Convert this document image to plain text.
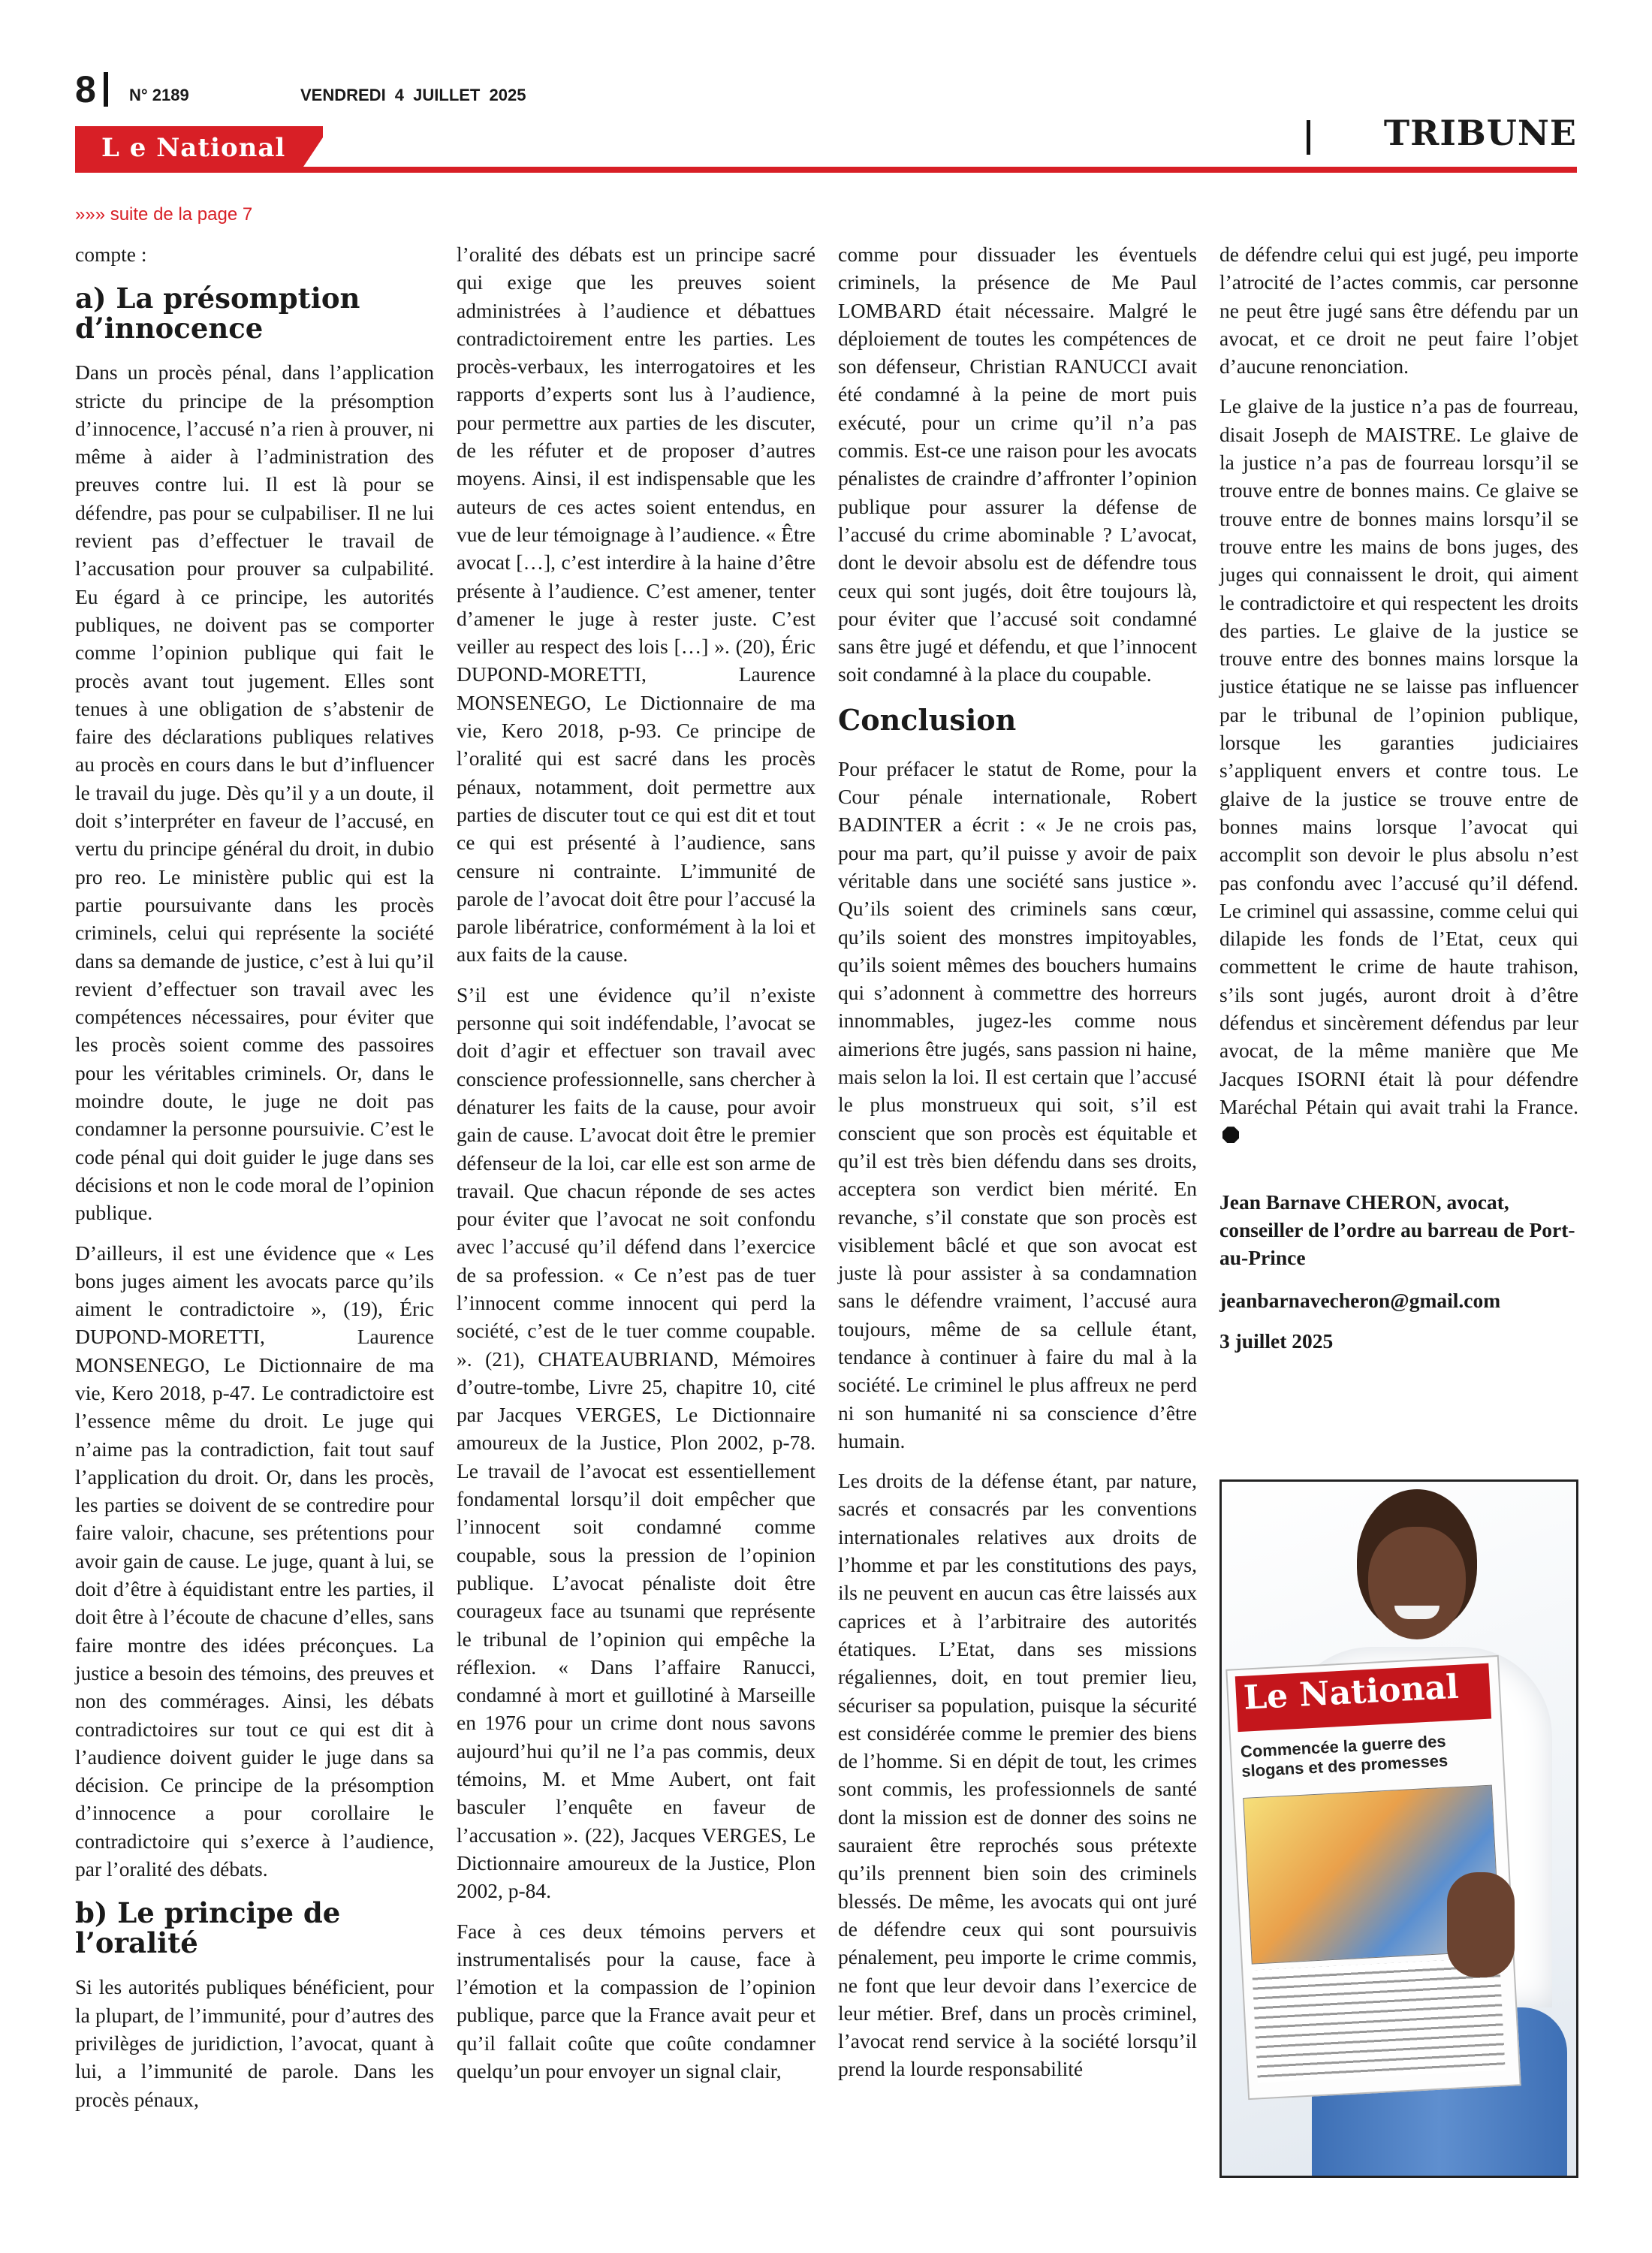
8 N° 2189	VENDREDI 4 JUILLET 2025
TRIBUNE
L e National
»»» suite de la page 7

compte :

a) La présomption d’innocence

Dans un procès pénal, dans l’application stricte du principe de la présomption d’innocence, l’accusé n’a rien à prouver, ni même à aider à l’administration des preuves contre lui. Il est là pour se défendre, pas pour se culpabiliser. Il ne lui revient pas d’effectuer le travail de l’accusation pour prouver sa culpabilité. Eu égard à ce principe, les autorités publiques, ne doivent pas se comporter comme l’opinion publique qui fait le procès avant tout jugement. Elles sont tenues à une obligation de s’abstenir de faire des déclarations publiques relatives au procès en cours dans le but d’influencer le travail du juge. Dès qu’il y a un doute, il doit s’interpréter en faveur de l’accusé, en vertu du principe général du droit, in dubio pro reo. Le ministère public qui est la partie poursuivante dans les procès criminels, celui qui représente la société dans sa demande de justice, c’est à lui qu’il revient d’effectuer son travail avec les compétences nécessaires, pour éviter que les procès soient comme des passoires pour les véritables criminels. Or, dans le moindre doute, le juge ne doit pas condamner la personne poursuivie. C’est le code pénal qui doit guider le juge dans ses décisions et non le code moral de l’opinion publique.

D’ailleurs, il est une évidence que « Les bons juges aiment les avocats parce qu’ils aiment le contradictoire », (19), Éric DUPOND-MORETTI, Laurence MONSENEGO, Le Dictionnaire de ma vie, Kero 2018, p-47. Le contradictoire est l’essence même du droit. Le juge qui n’aime pas la contradiction, fait tout sauf l’application du droit. Or, dans les procès, les parties se doivent de se contredire pour faire valoir, chacune, ses prétentions pour avoir gain de cause. Le juge, quant à lui, se doit d’être à équidistant entre les parties, il doit être à l’écoute de chacune d’elles, sans faire montre des idées préconçues. La justice a besoin des témoins, des preuves et non des commérages. Ainsi, les débats contradictoires sur tout ce qui est dit à l’audience doivent guider le juge dans sa décision. Ce principe de la présomption d’innocence a pour corollaire le contradictoire qui s’exerce à l’audience, par l’oralité des débats.

b) Le principe de l’oralité

Si les autorités publiques bénéficient, pour la plupart, de l’immunité, pour d’autres des privilèges de juridiction, l’avocat, quant à lui, a l’immunité de parole. Dans les procès pénaux,

l’oralité des débats est un principe sacré qui exige que les preuves soient administrées à l’audience et débattues contradictoirement entre les parties. Les procès-verbaux, les interrogatoires et les rapports d’experts sont lus à l’audience, pour permettre aux parties de les discuter, de les réfuter et de proposer d’autres moyens. Ainsi, il est indispensable que les auteurs de ces actes soient entendus, en vue de leur témoignage à l’audience. « Être avocat […], c’est interdire à la haine d’être présente à l’audience. C’est amener, tenter d’amener le juge à rester juste. C’est veiller au respect des lois […] ». (20), Éric DUPOND-MORETTI, Laurence MONSENEGO, Le Dictionnaire de ma vie, Kero 2018, p-93. Ce principe de l’oralité qui est sacré dans les procès pénaux, notamment, doit permettre aux parties de discuter tout ce qui est dit et tout ce qui est présenté à l’audience, sans censure ni contrainte. L’immunité de parole de l’avocat doit être pour l’accusé la parole libératrice, conformément à la loi et aux faits de la cause.

S’il est une évidence qu’il n’existe personne qui soit indéfendable, l’avocat se doit d’agir et effectuer son travail avec conscience professionnelle, sans chercher à dénaturer les faits de la cause, pour avoir gain de cause. L’avocat doit être le premier défenseur de la loi, car elle est son arme de travail. Que chacun réponde de ses actes pour éviter que l’avocat ne soit confondu avec l’accusé qu’il défend dans l’exercice de sa profession. « Ce n’est pas de tuer l’innocent comme innocent qui perd la société, c’est de le tuer comme coupable. ». (21), CHATEAUBRIAND, Mémoires d’outre-tombe, Livre 25, chapitre 10, cité par Jacques VERGES, Le Dictionnaire amoureux de la Justice, Plon 2002, p-78. Le travail de l’avocat est essentiellement fondamental lorsqu’il doit empêcher que l’innocent soit condamné comme coupable, sous la pression de l’opinion publique. L’avocat pénaliste doit être courageux face au tsunami que représente le tribunal de l’opinion qui empêche la réflexion. « Dans l’affaire Ranucci, condamné à mort et guillotiné à Marseille en 1976 pour un crime dont nous savons aujourd’hui qu’il ne l’a pas commis, deux témoins, M. et Mme Aubert, ont fait basculer l’enquête en faveur de l’accusation ». (22), Jacques VERGES, Le Dictionnaire amoureux de la Justice, Plon 2002, p-84.

Face à ces deux témoins pervers et instrumentalisés pour la cause, face à l’émotion et la compassion de l’opinion publique, parce que la France avait peur et qu’il fallait coûte que coûte condamner quelqu’un pour envoyer un signal clair,

comme pour dissuader les éventuels criminels, la présence de Me Paul LOMBARD était nécessaire. Malgré le déploiement de toutes les compétences de son défenseur, Christian RANUCCI avait été condamné à la peine de mort puis exécuté, pour un crime qu’il n’a pas commis. Est-ce une raison pour les avocats pénalistes de craindre d’affronter l’opinion publique pour assurer la défense de l’accusé du crime abominable ? L’avocat, dont le devoir absolu est de défendre tous ceux qui sont jugés, doit être toujours là, pour éviter que l’accusé soit condamné sans être jugé et défendu, et que l’innocent soit condamné à la place du coupable.

Conclusion

Pour préfacer le statut de Rome, pour la Cour pénale internationale, Robert BADINTER a écrit : « Je ne crois pas, pour ma part, qu’il puisse y avoir de paix véritable dans une société sans justice ». Qu’ils soient des criminels sans cœur, qu’ils soient des monstres impitoyables, qu’ils soient mêmes des bouchers humains qui s’adonnent à commettre des horreurs innommables, jugez-les comme nous aimerions être jugés, sans passion ni haine, mais selon la loi. Il est certain que l’accusé le plus monstrueux qui soit, s’il est conscient que son procès est équitable et qu’il est très bien défendu dans ses droits, acceptera son verdict bien mérité. En revanche, s’il constate que son procès est visiblement bâclé et que son avocat est juste là pour assister à sa condamnation sans le défendre vraiment, l’accusé aura toujours, même de sa cellule étant, tendance à continuer à faire du mal à la société. Le criminel le plus affreux ne perd ni son humanité ni sa conscience d’être humain.

Les droits de la défense étant, par nature, sacrés et consacrés par les conventions internationales relatives aux droits de l’homme et par les constitutions des pays, ils ne peuvent en aucun cas être laissés aux caprices et à l’arbitraire des autorités étatiques. L’Etat, dans ses missions régaliennes, doit, en tout premier lieu, sécuriser sa population, puisque la sécurité est considérée comme le premier des biens de l’homme. Si en dépit de tout, les crimes sont commis, les professionnels de santé dont la mission est de donner des soins ne sauraient être reprochés sous prétexte qu’ils prennent bien soin des criminels blessés. De même, les avocats qui ont juré de défendre ceux qui sont poursuivis pénalement, peu importe le crime commis, ne font que leur devoir dans l’exercice de leur métier. Bref, dans un procès criminel, l’avocat rend service à la société lorsqu’il prend la lourde responsabilité

de défendre celui qui est jugé, peu importe l’atrocité de l’actes commis, car personne ne peut être jugé sans être défendu par un avocat, et ce droit ne peut faire l’objet d’aucune renonciation.

Le glaive de la justice n’a pas de fourreau, disait Joseph de MAISTRE. Le glaive de la justice n’a pas de fourreau lorsqu’il se trouve entre de bonnes mains. Ce glaive se trouve entre de bonnes mains lorsqu’il se trouve entre les mains de bons juges, des juges qui connaissent le droit, qui aiment le contradictoire et qui respectent les droits des parties. Le glaive de la justice se trouve entre des bonnes mains lorsque la justice étatique ne se laisse pas influencer par le tribunal de l’opinion publique, lorsque les garanties judiciaires s’appliquent envers et contre tous. Le glaive de la justice se trouve entre de bonnes mains lorsque l’avocat qui accomplit son devoir le plus absolu n’est pas confondu avec l’accusé qu’il défend. Le criminel qui assassine, comme celui qui dilapide les fonds de l’Etat, ceux qui commettent le crime de haute trahison, s’ils sont jugés, auront droit à d’être défendus et sincèrement défendus par leur avocat, de la même manière que Me Jacques ISORNI était là pour défendre Maréchal Pétain qui avait trahi la France.

Jean Barnave CHERON, avocat, conseiller de l’ordre au barreau de Port-au-Prince

jeanbarnavecheron@gmail.com

3 juillet 2025

Le National
Commencée la guerre des slogans et des promesses
